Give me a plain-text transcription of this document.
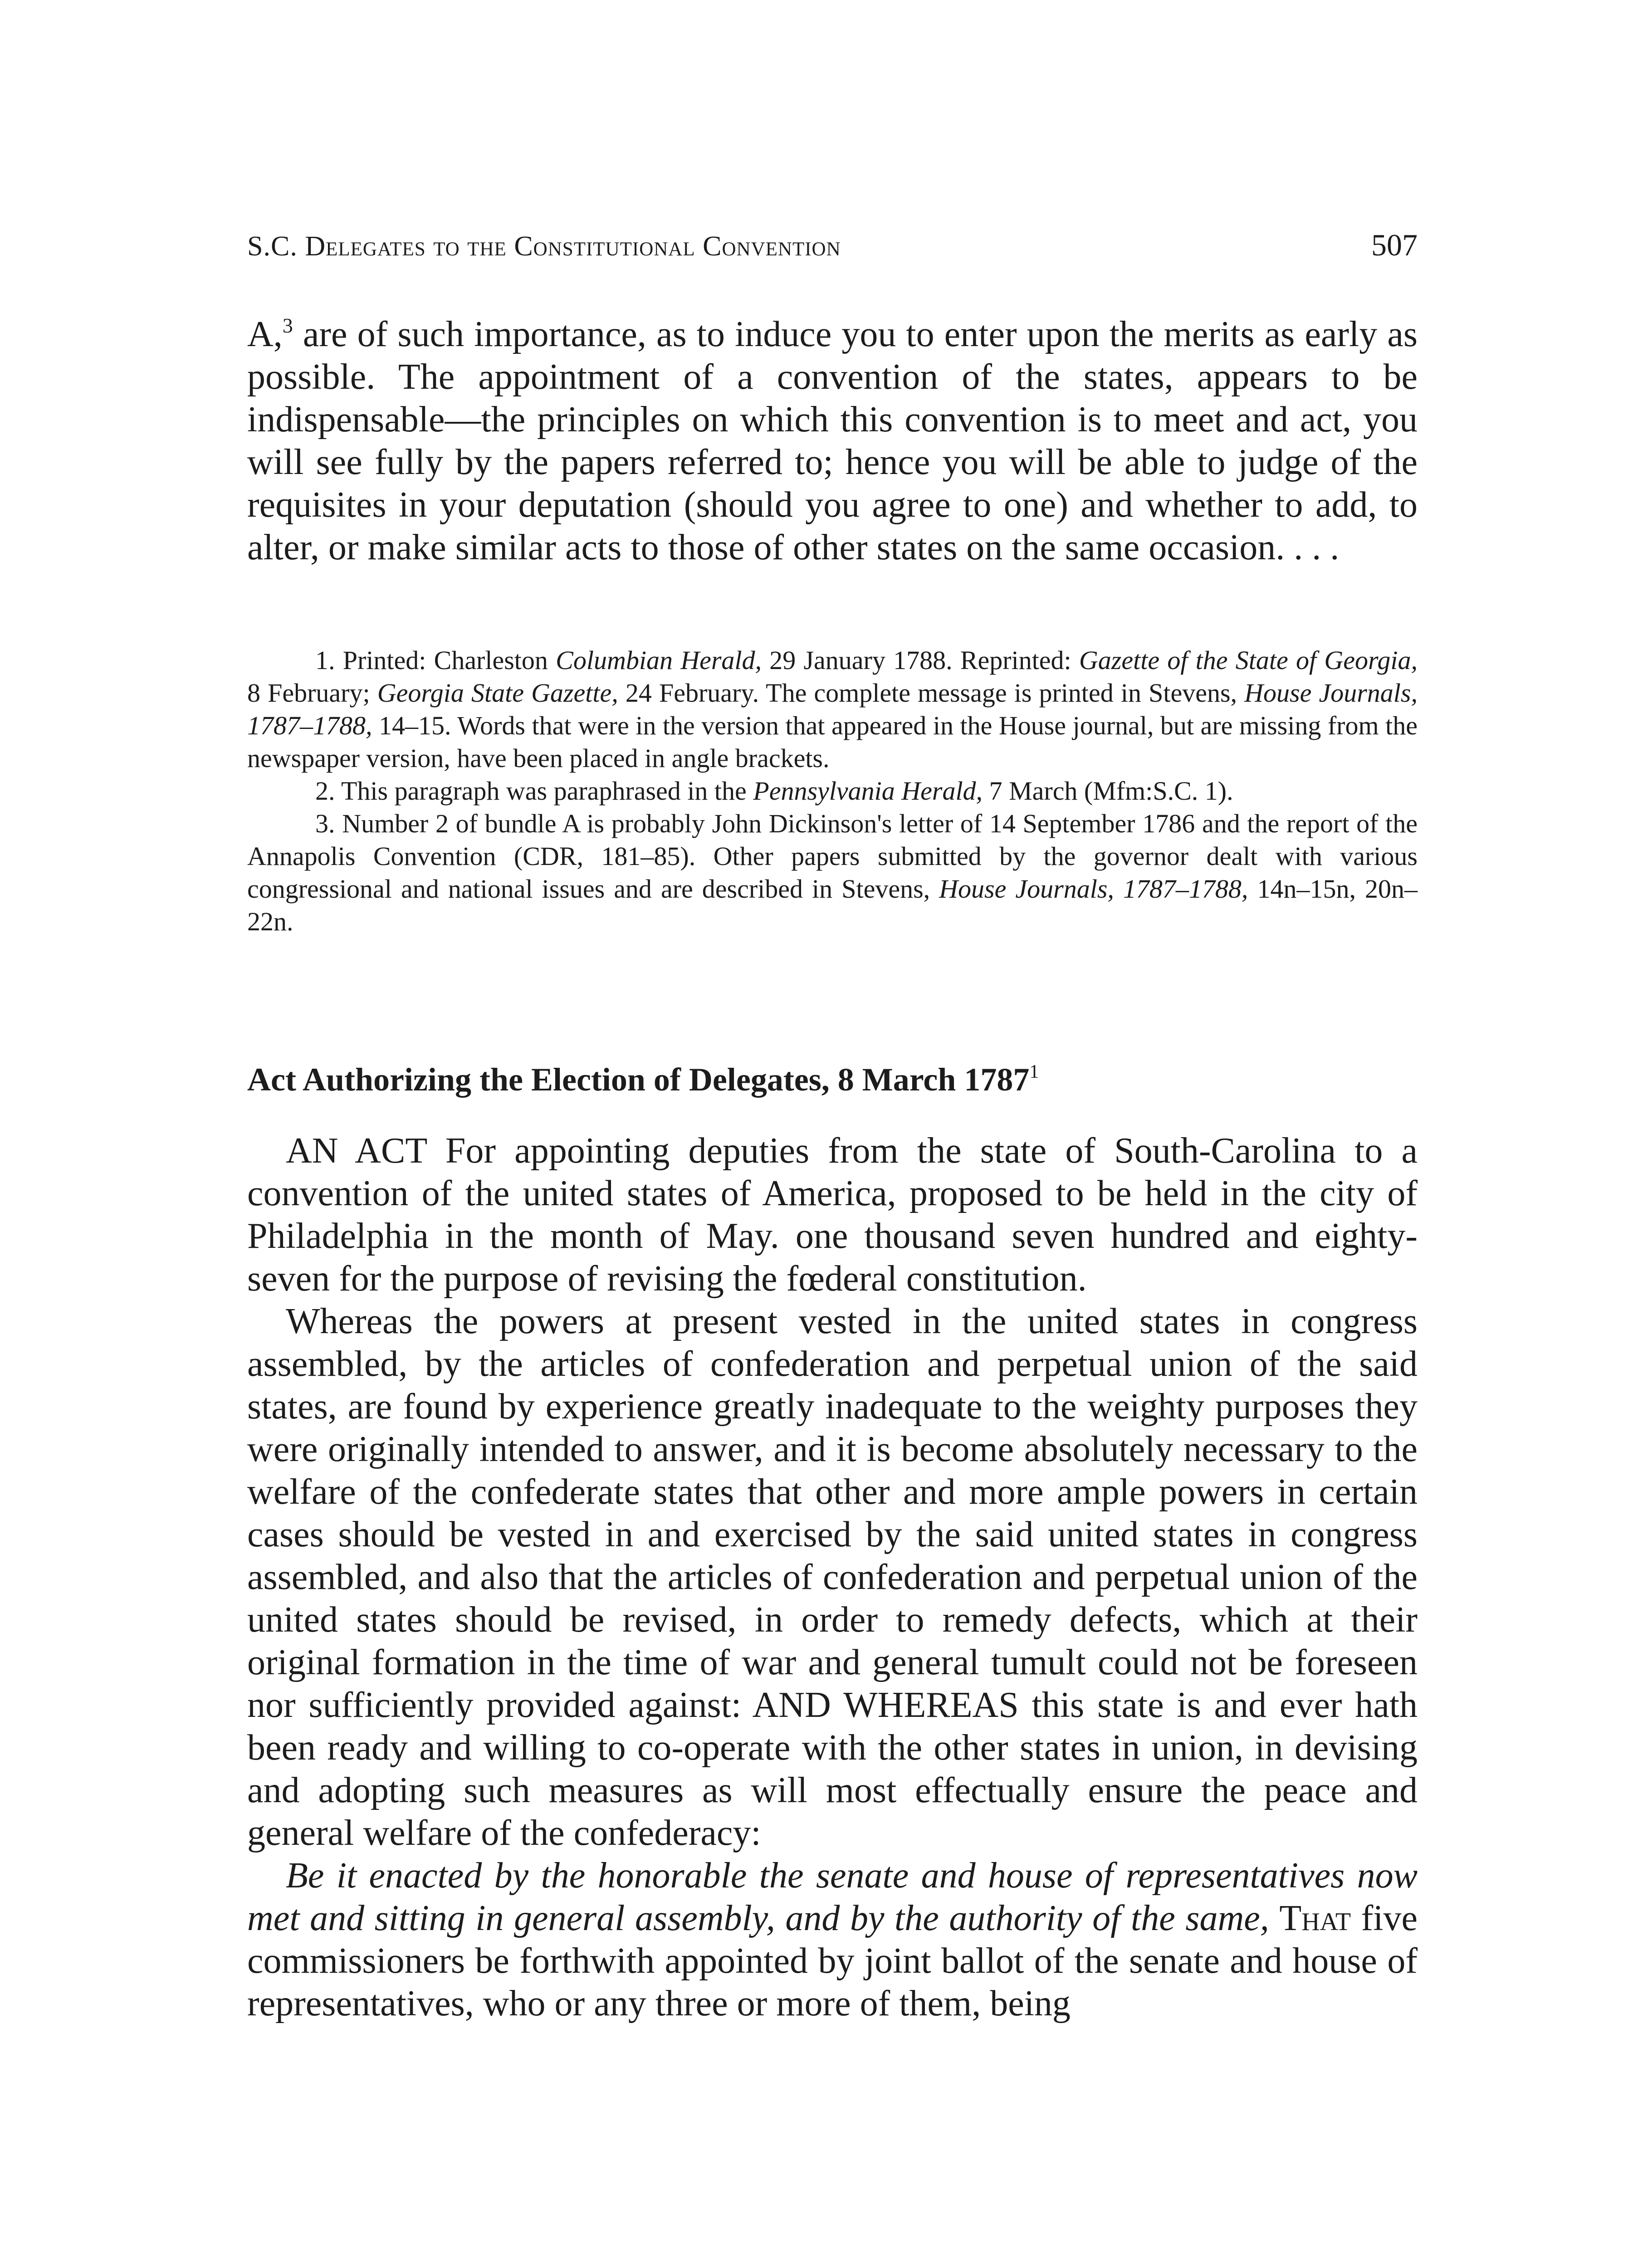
S.C. Delegates to the Constitutional Convention	507

A,$^3$ are of such importance, as to induce you to enter upon the merits as early as possible. The appointment of a convention of the states, appears to be indispensable—the principles on which this convention is to meet and act, you will see fully by the papers referred to; hence you will be able to judge of the requisites in your deputation (should you agree to one) and whether to add, to alter, or make similar acts to those of other states on the same occasion. . . .

1. Printed: Charleston Columbian Herald, 29 January 1788. Reprinted: Gazette of the State of Georgia, 8 February; Georgia State Gazette, 24 February. The complete message is printed in Stevens, House Journals, 1787–1788, 14–15. Words that were in the version that appeared in the House journal, but are missing from the newspaper version, have been placed in angle brackets.

2. This paragraph was paraphrased in the Pennsylvania Herald, 7 March (Mfm:S.C. 1).

3. Number 2 of bundle A is probably John Dickinson's letter of 14 September 1786 and the report of the Annapolis Convention (CDR, 181–85). Other papers submitted by the governor dealt with various congressional and national issues and are described in Stevens, House Journals, 1787–1788, 14n–15n, 20n–22n.

Act Authorizing the Election of Delegates, 8 March 1787$^1$

AN ACT For appointing deputies from the state of South-Carolina to a convention of the united states of America, proposed to be held in the city of Philadelphia in the month of May. one thousand seven hundred and eighty-seven for the purpose of revising the fœderal constitution.

Whereas the powers at present vested in the united states in congress assembled, by the articles of confederation and perpetual union of the said states, are found by experience greatly inadequate to the weighty purposes they were originally intended to answer, and it is become absolutely necessary to the welfare of the confederate states that other and more ample powers in certain cases should be vested in and exercised by the said united states in congress assembled, and also that the articles of confederation and perpetual union of the united states should be revised, in order to remedy defects, which at their original formation in the time of war and general tumult could not be foreseen nor sufficiently provided against: AND WHEREAS this state is and ever hath been ready and willing to co-operate with the other states in union, in devising and adopting such measures as will most effectually ensure the peace and general welfare of the confederacy:

Be it enacted by the honorable the senate and house of representatives now met and sitting in general assembly, and by the authority of the same, That five commissioners be forthwith appointed by joint ballot of the senate and house of representatives, who or any three or more of them, being
